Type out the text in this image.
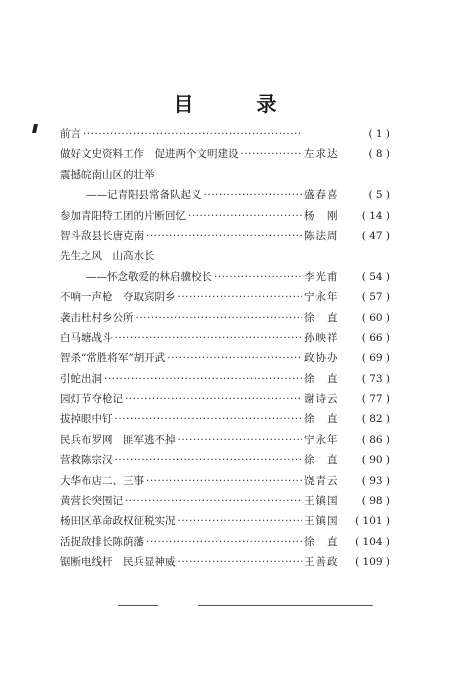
目 录
前言 ·····	( 1 )
做好文史资料工作　促进两个文明建设 ·····	左求达	( 8 )
震撼皖南山区的壮举
——记青阳县常备队起义 ·····	盛春喜	( 5 )
参加青阳特工团的片断回忆 ·····	杨　刚	( 14 )
智斗敌县长唐克南 ·····	陈法周	( 47 )
先生之风　山高水长
——怀念敬爱的林启骥校长 ·····	李光甫	( 54 )
不响一声枪　夺取宾阴乡 ·····	宁永年	( 57 )
袭击杜村乡公所 ·····	徐　直	( 60 )
白马塘战斗 ·····	孙映祥	( 66 )
智杀“常胜将军”胡开武 ·····	政协办	( 69 )
引蛇出洞 ·····	徐　直	( 73 )
园灯节夺枪记 ·····	谢诗云	( 77 )
拔掉眼中钉 ·····	徐　直	( 82 )
民兵布罗网　匪军逃不掉 ·····	宁永年	( 86 )
营救陈宗汉 ·····	徐　直	( 90 )
大华布店二、三事 ·····	饶青云	( 93 )
黄营长突围记 ·····	王镇国	( 98 )
杨田区革命政权征税实况 ·····	王镇国	( 101 )
活捉敌排长陈荫藩 ·····	徐　直	( 104 )
锯断电线杆　民兵显神威 ·····	王善政	( 109 )
